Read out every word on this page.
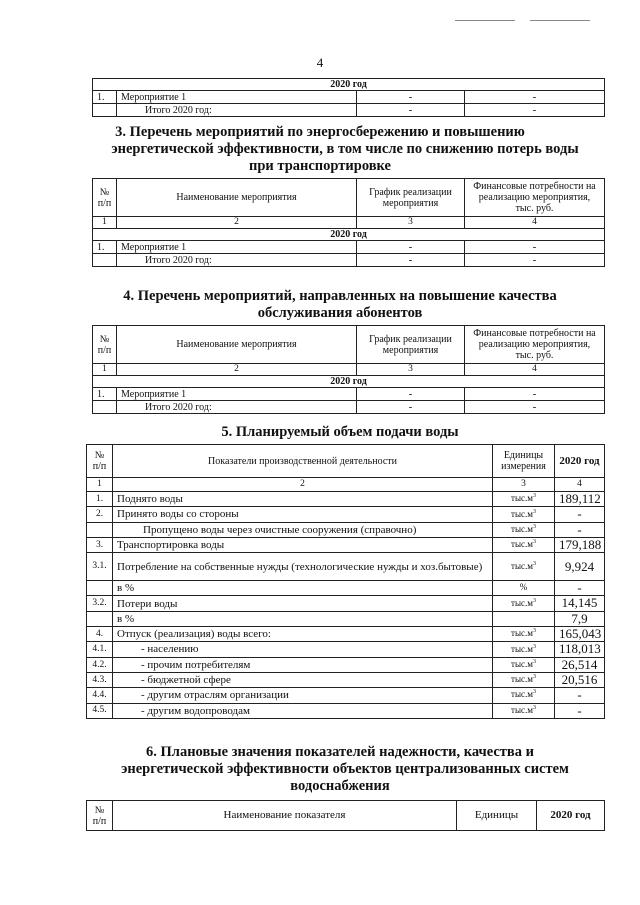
4
2020 год			
1.	Мероприятие 1	-	-
	Итого 2020 год:	-	-
3. Перечень мероприятий по энергосбережению и повышению
энергетической эффективности, в том числе по снижению потерь воды
при транспортировке
№ п/п	Наименование мероприятия	График реализации мероприятия	Финансовые потребности на реализацию мероприятия, тыс. руб.
1	2	3	4
2020 год			
1.	Мероприятие 1	-	-
	Итого 2020 год:	-	-
4. Перечень мероприятий, направленных на повышение качества
обслуживания абонентов
№ п/п	Наименование мероприятия	График реализации мероприятия	Финансовые потребности на реализацию мероприятия, тыс. руб.
1	2	3	4
2020 год			
1.	Мероприятие 1	-	-
	Итого 2020 год:	-	-
5. Планируемый объем подачи воды
№ п/п	Показатели производственной деятельности	Единицы измерения	2020 год
1	2	3	4
1.	Поднято воды	$тыс.м^3$	189,112
2.	Принято воды со стороны	$тыс.м^3$	-
	Пропущено воды через очистные сооружения (справочно)	$тыс.м^3$	-
3.	Транспортировка воды	$тыс.м^3$	179,188
3.1.	Потребление на собственные нужды (технологические нужды и хоз.бытовые)	$тыс.м^3$	9,924
	в %	%	-
3.2.	Потери воды	$тыс.м^3$	14,145
	в %		7,9
4.	Отпуск (реализация) воды всего:	$тыс.м^3$	165,043
4.1.	- населению	$тыс.м^3$	118,013
4.2.	- прочим потребителям	$тыс.м^3$	26,514
4.3.	- бюджетной сфере	$тыс.м^3$	20,516
4.4.	- другим отраслям организации	$тыс.м^3$	-
4.5.	- другим водопроводам	$тыс.м^3$	-
6. Плановые значения показателей надежности, качества и
энергетической эффективности объектов централизованных систем
водоснабжения
№ п/п	Наименование показателя	Единицы	2020 год
